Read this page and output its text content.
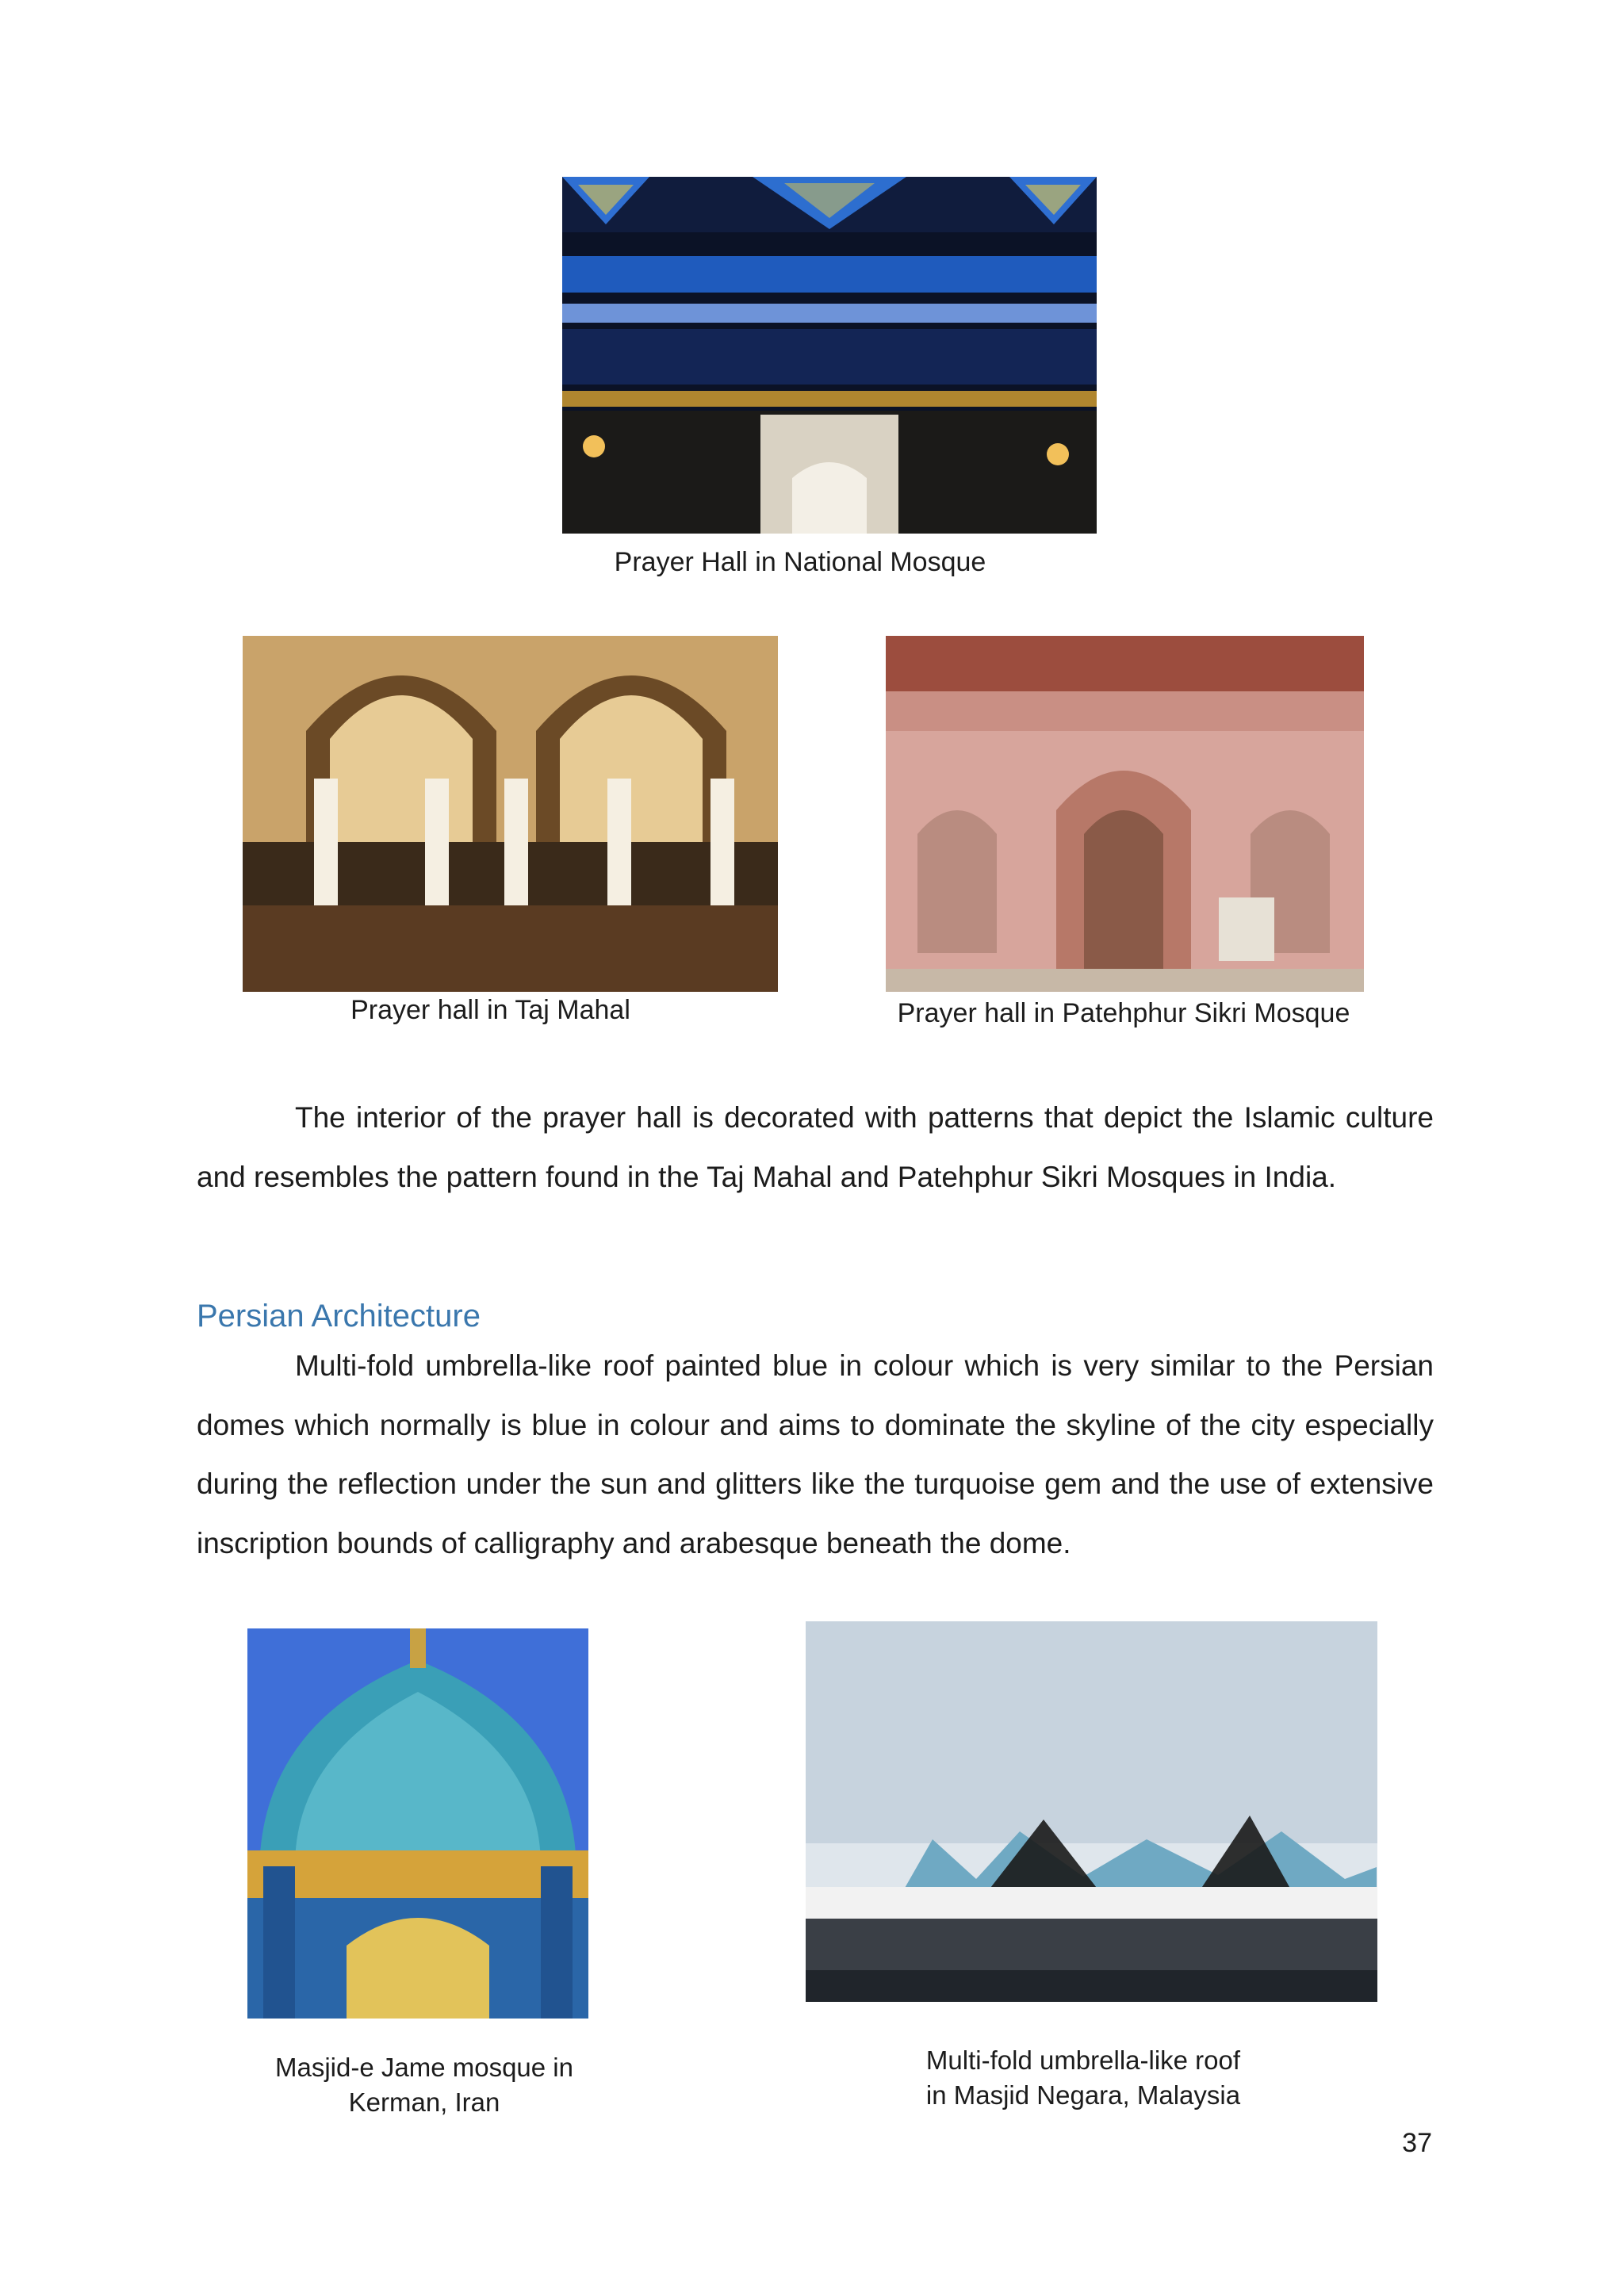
Prayer Hall in National Mosque
Prayer hall in Taj Mahal	Prayer hall in Patehphur Sikri Mosque

The interior of the prayer hall is decorated with patterns that depict the Islamic culture and resembles the pattern found in the Taj Mahal and Patehphur Sikri Mosques in India.

Persian Architecture

Multi-fold umbrella-like roof painted blue in colour which is very similar to the Persian domes which normally is blue in colour and aims to dominate the skyline of the city especially during the reflection under the sun and glitters like the turquoise gem and the use of extensive inscription bounds of calligraphy and arabesque beneath the dome.

Masjid-e Jame mosque in
Kerman, Iran
Multi-fold umbrella-like roof
in Masjid Negara, Malaysia
37
